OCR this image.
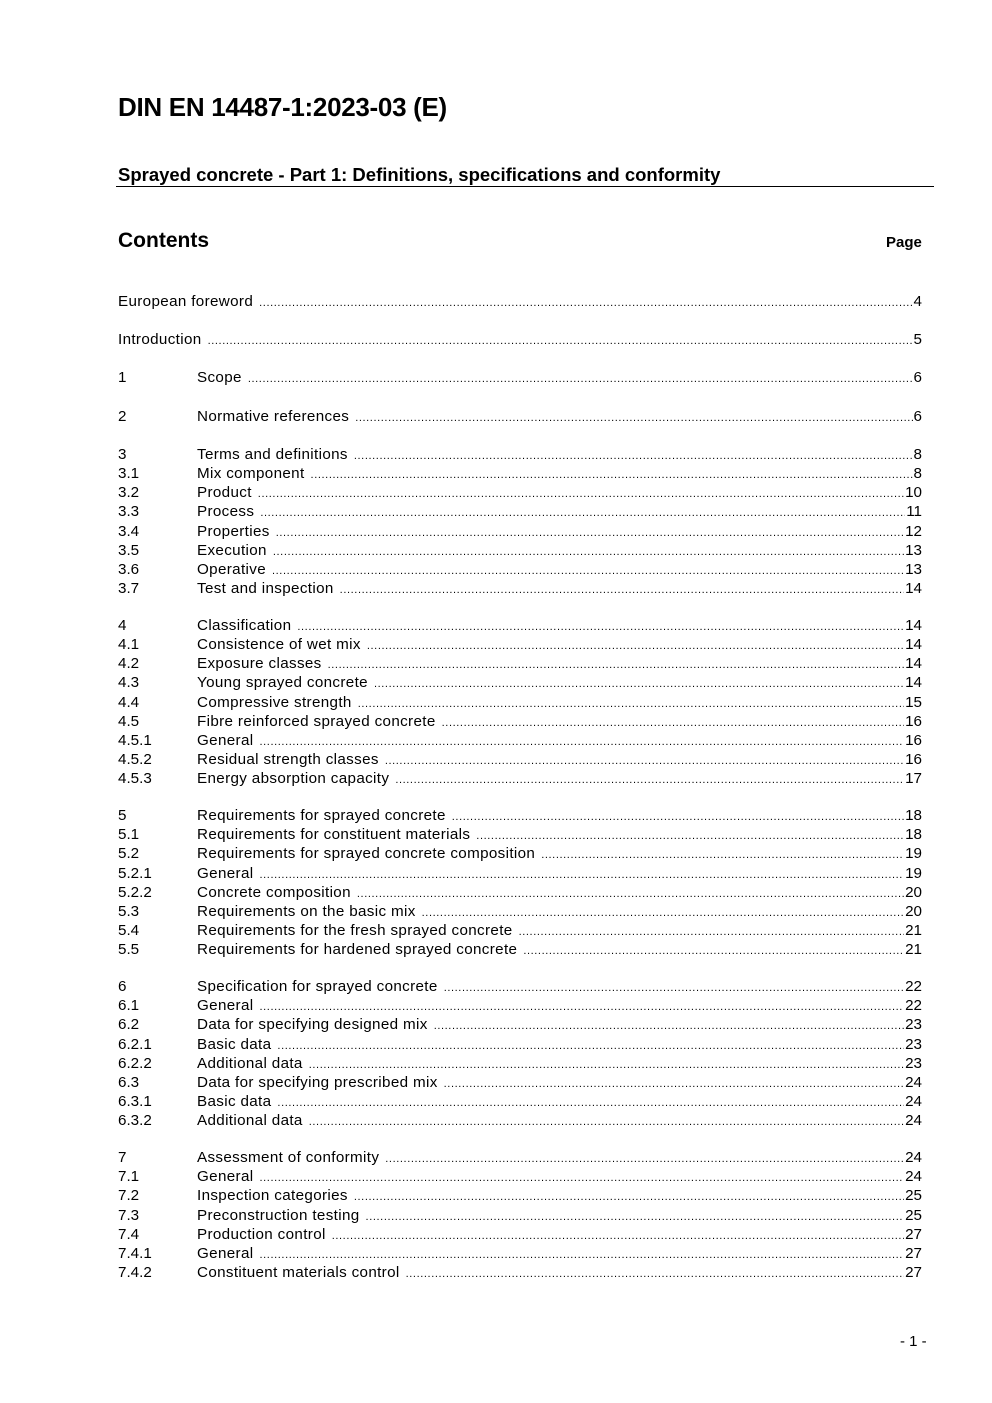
DIN EN 14487-1:2023-03 (E)
Sprayed concrete - Part 1: Definitions, specifications and conformity
Contents	Page
European foreword .....	4
Introduction .....	5
1	Scope .....	6
2	Normative references .....	6
3	Terms and definitions .....	8
3.1	Mix component .....	8
3.2	Product .....	10
3.3	Process .....	11
3.4	Properties .....	12
3.5	Execution .....	13
3.6	Operative .....	13
3.7	Test and inspection .....	14
4	Classification .....	14
4.1	Consistence of wet mix .....	14
4.2	Exposure classes .....	14
4.3	Young sprayed concrete .....	14
4.4	Compressive strength .....	15
4.5	Fibre reinforced sprayed concrete .....	16
4.5.1	General .....	16
4.5.2	Residual strength classes .....	16
4.5.3	Energy absorption capacity .....	17
5	Requirements for sprayed concrete .....	18
5.1	Requirements for constituent materials .....	18
5.2	Requirements for sprayed concrete composition .....	19
5.2.1	General .....	19
5.2.2	Concrete composition .....	20
5.3	Requirements on the basic mix .....	20
5.4	Requirements for the fresh sprayed concrete .....	21
5.5	Requirements for hardened sprayed concrete .....	21
6	Specification for sprayed concrete .....	22
6.1	General .....	22
6.2	Data for specifying designed mix .....	23
6.2.1	Basic data .....	23
6.2.2	Additional data .....	23
6.3	Data for specifying prescribed mix .....	24
6.3.1	Basic data .....	24
6.3.2	Additional data .....	24
7	Assessment of conformity .....	24
7.1	General .....	24
7.2	Inspection categories .....	25
7.3	Preconstruction testing .....	25
7.4	Production control .....	27
7.4.1	General .....	27
7.4.2	Constituent materials control .....	27
- 1 -
